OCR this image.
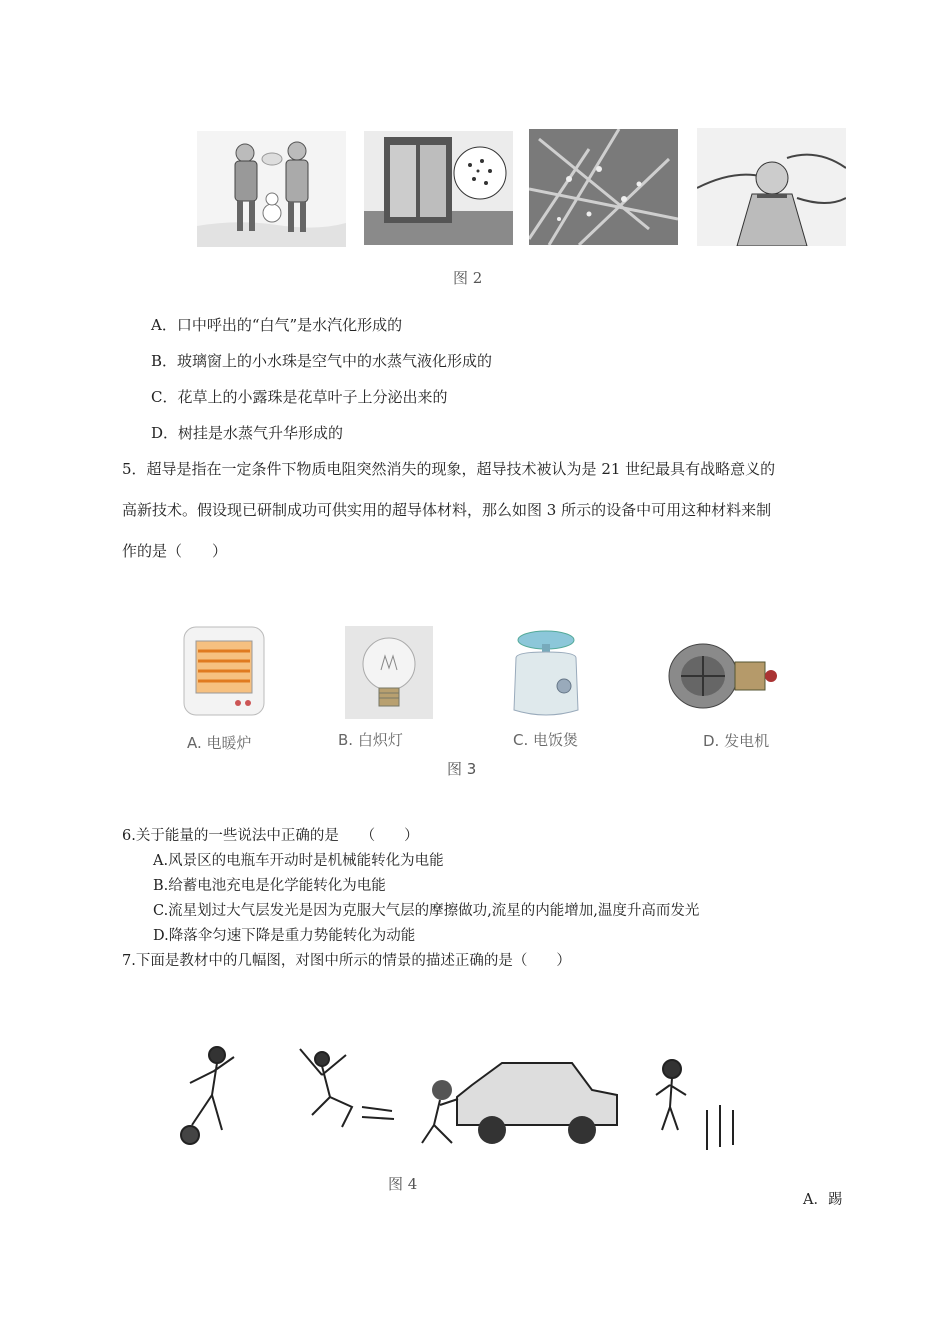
图 2
A．口中呼出的“白气”是水汽化形成的
B．玻璃窗上的小水珠是空气中的水蒸气液化形成的
C．花草上的小露珠是花草叶子上分泌出来的
D．树挂是水蒸气升华形成的
5．超导是指在一定条件下物质电阻突然消失的现象，超导技术被认为是 21 世纪最具有战略意义的
高新技术。假设现已研制成功可供实用的超导体材料，那么如图 3 所示的设备中可用这种材料来制
作的是（　　）
A. 电暖炉	B. 白炽灯	C. 电饭煲	D. 发电机
图 3
6.关于能量的一些说法中正确的是　　（　　）
A.风景区的电瓶车开动时是机械能转化为电能
B.给蓄电池充电是化学能转化为电能
C.流星划过大气层发光是因为克服大气层的摩擦做功,流星的内能增加,温度升高而发光
D.降落伞匀速下降是重力势能转化为动能
7.下面是教材中的几幅图，对图中所示的情景的描述正确的是（　　）
图 4
A．踢
